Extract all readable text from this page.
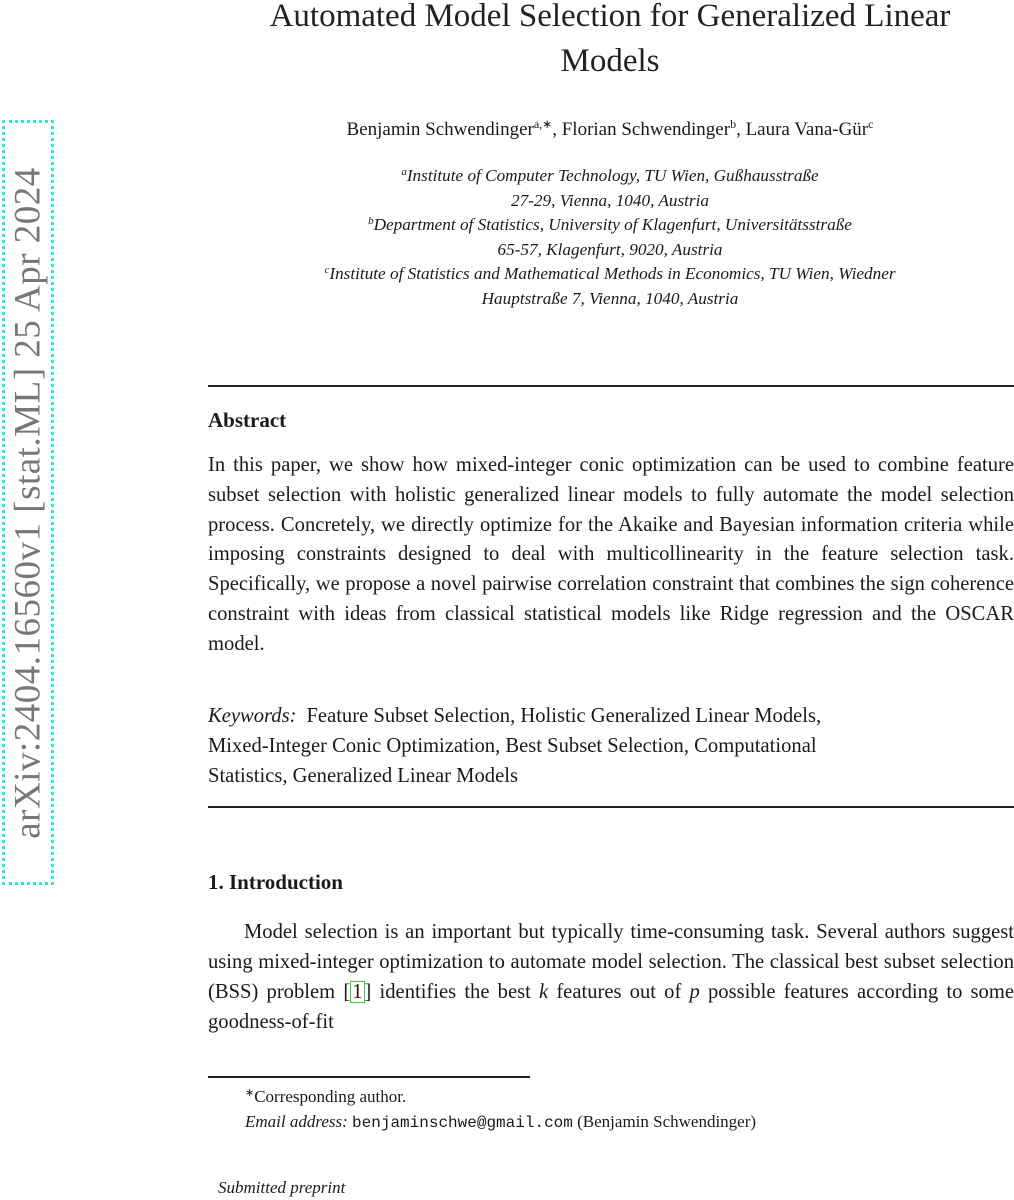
arXiv:2404.16560v1 [stat.ML] 25 Apr 2024
Automated Model Selection for Generalized Linear Models
Benjamin Schwendinger$^{a,∗}$, Florian Schwendinger$^b$, Laura Vana-Gür$^c$
$^a$Institute of Computer Technology, TU Wien, Gußhausstraße
27-29, Vienna, 1040, Austria
$^b$Department of Statistics, University of Klagenfurt, Universitätsstraße
65-57, Klagenfurt, 9020, Austria
$^c$Institute of Statistics and Mathematical Methods in Economics, TU Wien, Wiedner
Hauptstraße 7, Vienna, 1040, Austria
Abstract

In this paper, we show how mixed-integer conic optimization can be used to combine feature subset selection with holistic generalized linear models to fully automate the model selection process. Concretely, we directly optimize for the Akaike and Bayesian information criteria while imposing constraints designed to deal with multicollinearity in the feature selection task. Specifically, we propose a novel pairwise correlation constraint that combines the sign coherence constraint with ideas from classical statistical models like Ridge regression and the OSCAR model.

Keywords: Feature Subset Selection, Holistic Generalized Linear Models,
Mixed-Integer Conic Optimization, Best Subset Selection, Computational
Statistics, Generalized Linear Models
1. Introduction

Model selection is an important but typically time-consuming task. Several authors suggest using mixed-integer optimization to automate model selection. The classical best subset selection (BSS) problem [1] identifies the best k features out of p possible features according to some goodness-of-fit

∗Corresponding author.
Email address: benjaminschwe@gmail.com (Benjamin Schwendinger)
Submitted preprint
